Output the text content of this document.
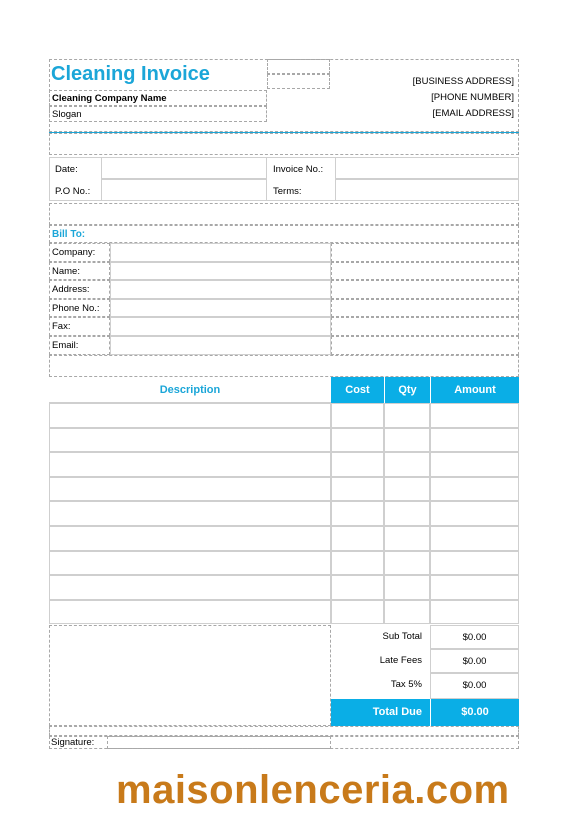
Cleaning Invoice	[BUSINESS ADDRESS]
Cleaning Company Name	[PHONE NUMBER]
Slogan	[EMAIL ADDRESS]
Date:	Invoice No.:
P.O No.:	Terms:
Bill To:
Description	Cost	Qty	Amount
Sub Total	$0.00
Late Fees	$0.00
Tax 5%	$0.00
Total Due	$0.00
Signature:
Company:
Name:
Address:
Phone No.:
Fax:
Email:
maisonlenceria.com
